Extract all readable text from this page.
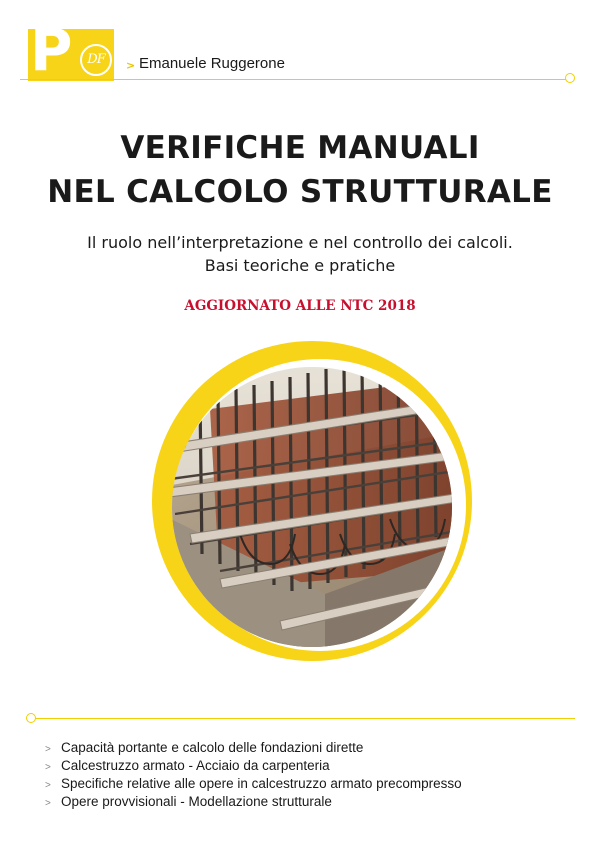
P	DF	> Emanuele Ruggerone
VERIFICHE MANUALI
NEL CALCOLO STRUTTURALE
Il ruolo nell’interpretazione e nel controllo dei calcoli.
Basi teoriche e pratiche
AGGIORNATO ALLE NTC 2018
> Capacità portante e calcolo delle fondazioni dirette
> Calcestruzzo armato - Acciaio da carpenteria
> Specifiche relative alle opere in calcestruzzo armato precompresso
> Opere provvisionali - Modellazione strutturale
